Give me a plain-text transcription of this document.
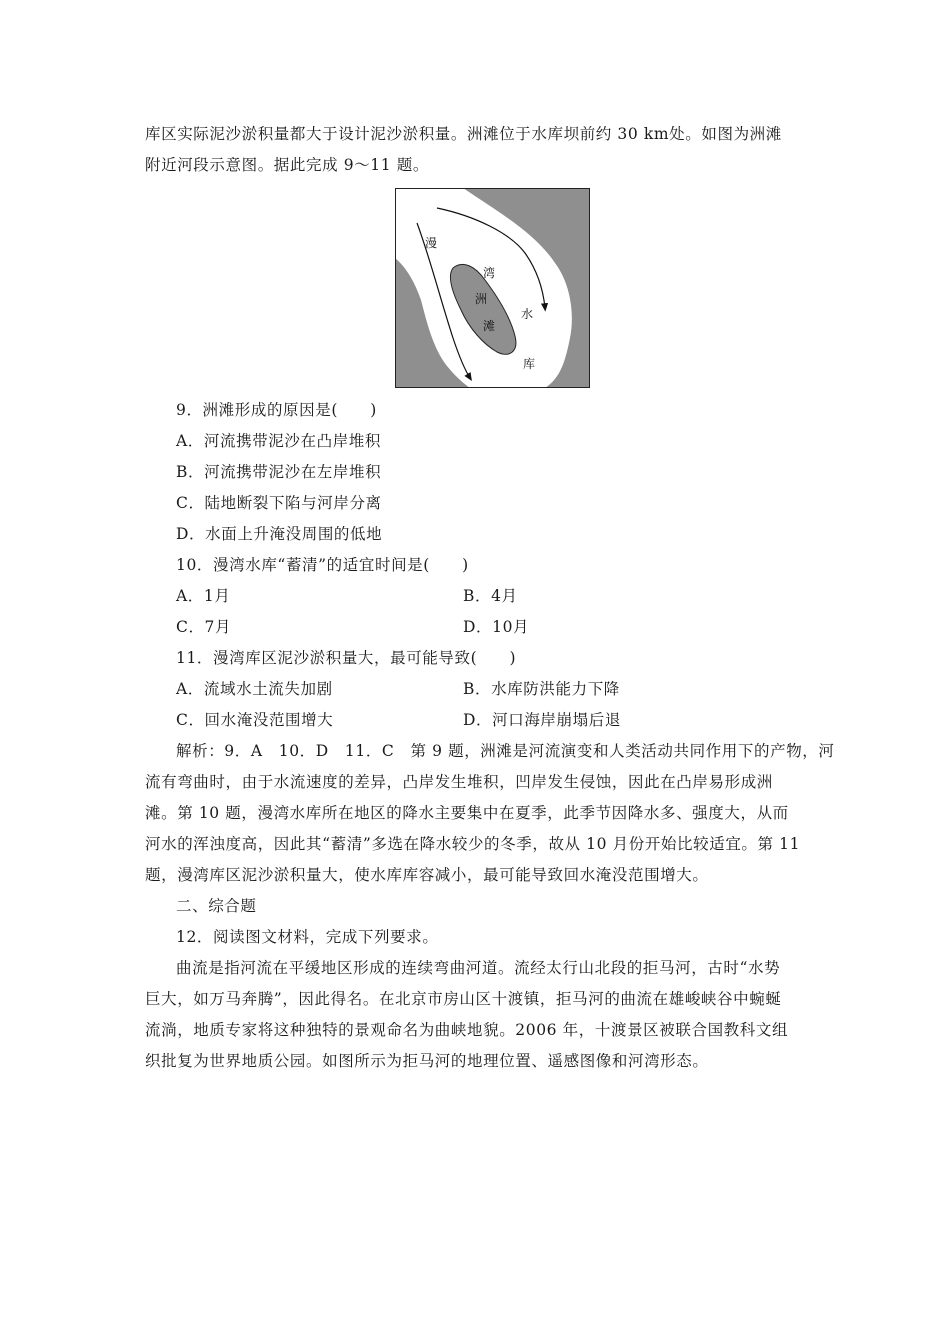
库区实际泥沙淤积量都大于设计泥沙淤积量。洲滩位于水库坝前约 30 km处。如图为洲滩
附近河段示意图。据此完成 9～11 题。
漫
湾
洲
滩
水
库
9．洲滩形成的原因是(　　)
A．河流携带泥沙在凸岸堆积
B．河流携带泥沙在左岸堆积
C．陆地断裂下陷与河岸分离
D．水面上升淹没周围的低地
10．漫湾水库“蓄清”的适宜时间是(　　)
A．1月	B．4月
C．7月	D．10月
11．漫湾库区泥沙淤积量大，最可能导致(　　)
A．流域水土流失加剧	B．水库防洪能力下降
C．回水淹没范围增大	D．河口海岸崩塌后退
解析：9．A　10．D　11．C　第 9 题，洲滩是河流演变和人类活动共同作用下的产物，河
流有弯曲时，由于水流速度的差异，凸岸发生堆积，凹岸发生侵蚀，因此在凸岸易形成洲
滩。第 10 题，漫湾水库所在地区的降水主要集中在夏季，此季节因降水多、强度大，从而
河水的浑浊度高，因此其“蓄清”多选在降水较少的冬季，故从 10 月份开始比较适宜。第 11
题，漫湾库区泥沙淤积量大，使水库库容减小，最可能导致回水淹没范围增大。
二、综合题
12．阅读图文材料，完成下列要求。
曲流是指河流在平缓地区形成的连续弯曲河道。流经太行山北段的拒马河，古时“水势
巨大，如万马奔腾”，因此得名。在北京市房山区十渡镇，拒马河的曲流在雄峻峡谷中蜿蜒
流淌，地质专家将这种独特的景观命名为曲峡地貌。2006 年，十渡景区被联合国教科文组
织批复为世界地质公园。如图所示为拒马河的地理位置、遥感图像和河湾形态。
